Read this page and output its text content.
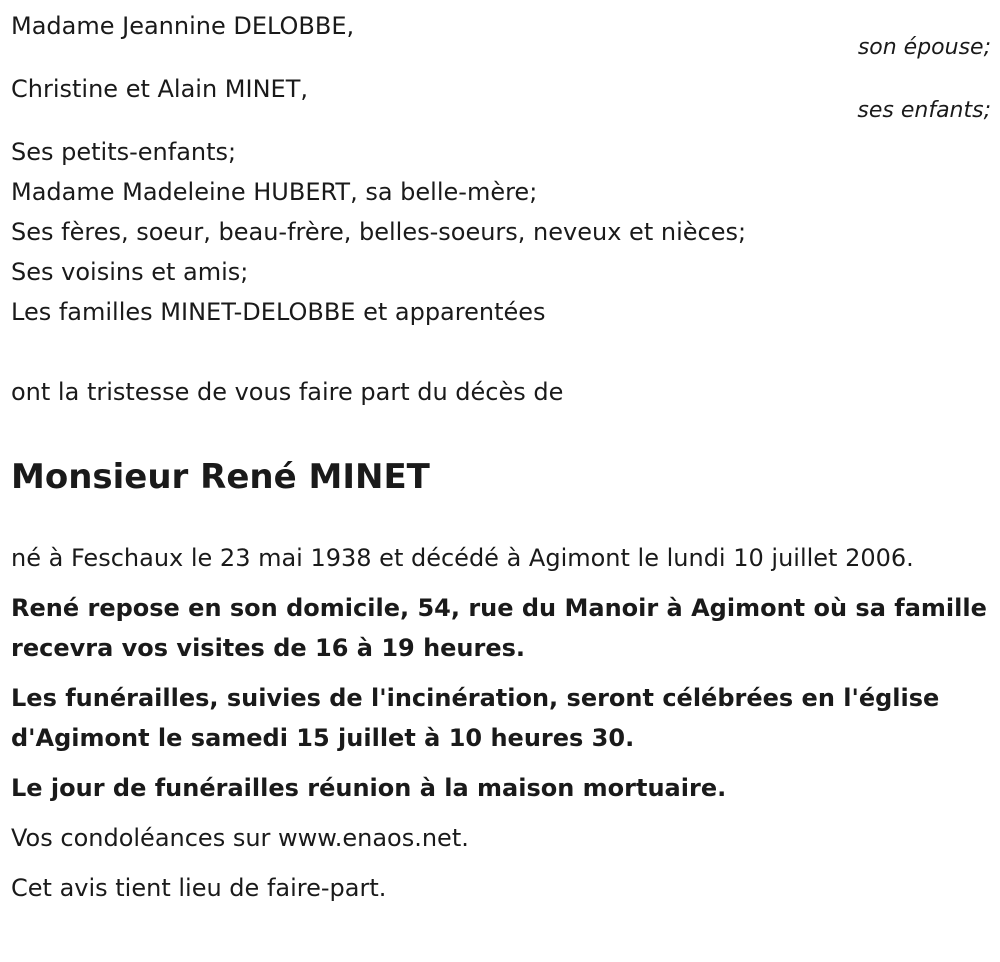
Madame Jeannine DELOBBE,
son épouse;
Christine et Alain MINET,
ses enfants;
Ses petits-enfants;
Madame Madeleine HUBERT, sa belle-mère;
Ses fères, soeur, beau-frère, belles-soeurs, neveux et nièces;
Ses voisins et amis;
Les familles MINET-DELOBBE et apparentées
ont la tristesse de vous faire part du décès de
Monsieur René MINET

né à Feschaux le 23 mai 1938 et décédé à Agimont le lundi 10 juillet 2006.

René repose en son domicile, 54, rue du Manoir à Agimont où sa famille recevra vos visites de 16 à 19 heures.

Les funérailles, suivies de l'incinération, seront célébrées en l'église d'Agimont le samedi 15 juillet à 10 heures 30.

Le jour de funérailles réunion à la maison mortuaire.

Vos condoléances sur www.enaos.net.

Cet avis tient lieu de faire-part.
